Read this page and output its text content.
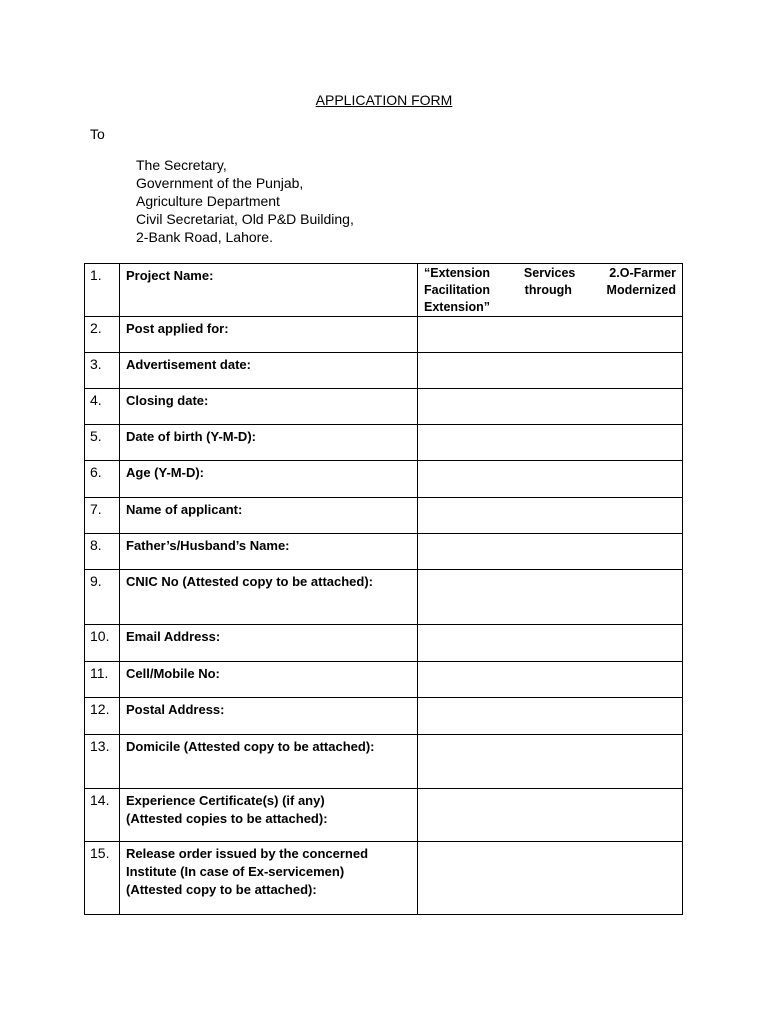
APPLICATION FORM
To
The Secretary,
Government of the Punjab,
Agriculture Department
Civil Secretariat, Old P&D Building,
2-Bank Road, Lahore.
1.	Project Name:	“Extension Services 2.O-Farmer
Facilitation through Modernized
Extension”

2.	Post applied for:	
3.	Advertisement date:	
4.	Closing date:	
5.	Date of birth (Y-M-D):	
6.	Age (Y-M-D):	
7.	Name of applicant:	
8.	Father’s/Husband’s Name:	
9.	CNIC No (Attested copy to be attached):	
10.	Email Address:	
11.	Cell/Mobile No:	
12.	Postal Address:	
13.	Domicile (Attested copy to be attached):	
14.	Experience Certificate(s) (if any)
(Attested copies to be attached):	

15.	Release order issued by the concerned Institute (In case of Ex-servicemen)
(Attested copy to be attached):	
